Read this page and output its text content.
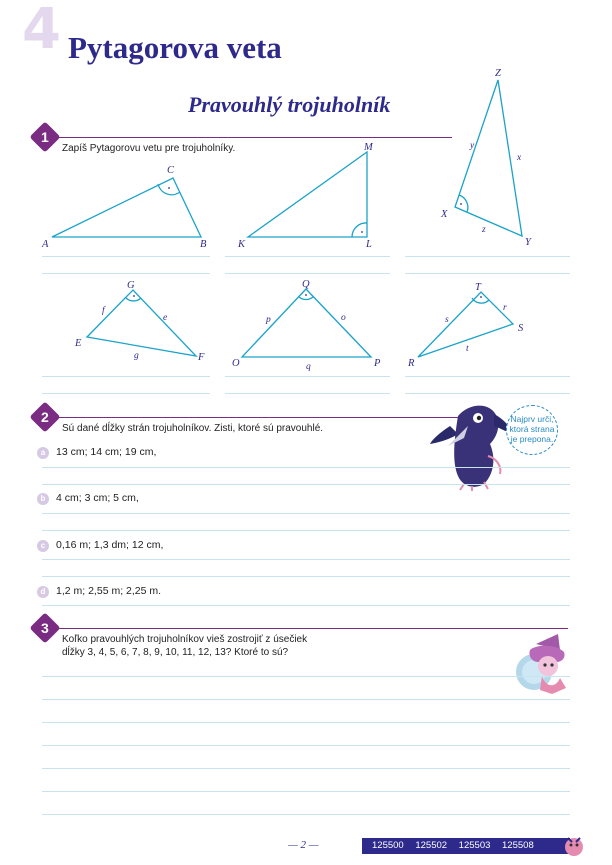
4 Pytagorova veta
Pravouhlý trojuholník
1
Zapíš Pytagorovu vetu pre trojuholníky.
A	B
C
K	L
M
X
Y
Z
x
y
z
E
F
G
e
f
g
O	P
Q
o
p
q	R
S
T
r
s
t
2
Sú dané dĺžky strán trojuholníkov. Zisti, ktoré sú pravouhlé.
Najprv urči,
ktorá strana
je prepona.
a	13 cm; 14 cm; 19 cm,
b	4 cm; 3 cm; 5 cm,
c	0,16 m; 1,3 dm; 12 cm,
d	1,2 m; 2,55 m; 2,25 m.
3
Koľko pravouhlých trojuholníkov vieš zostrojiť z úsečiek
dĺžky 3, 4, 5, 6, 7, 8, 9, 10, 11, 12, 13? Ktoré to sú?
— 2 —	125500 125502 125503 125508
